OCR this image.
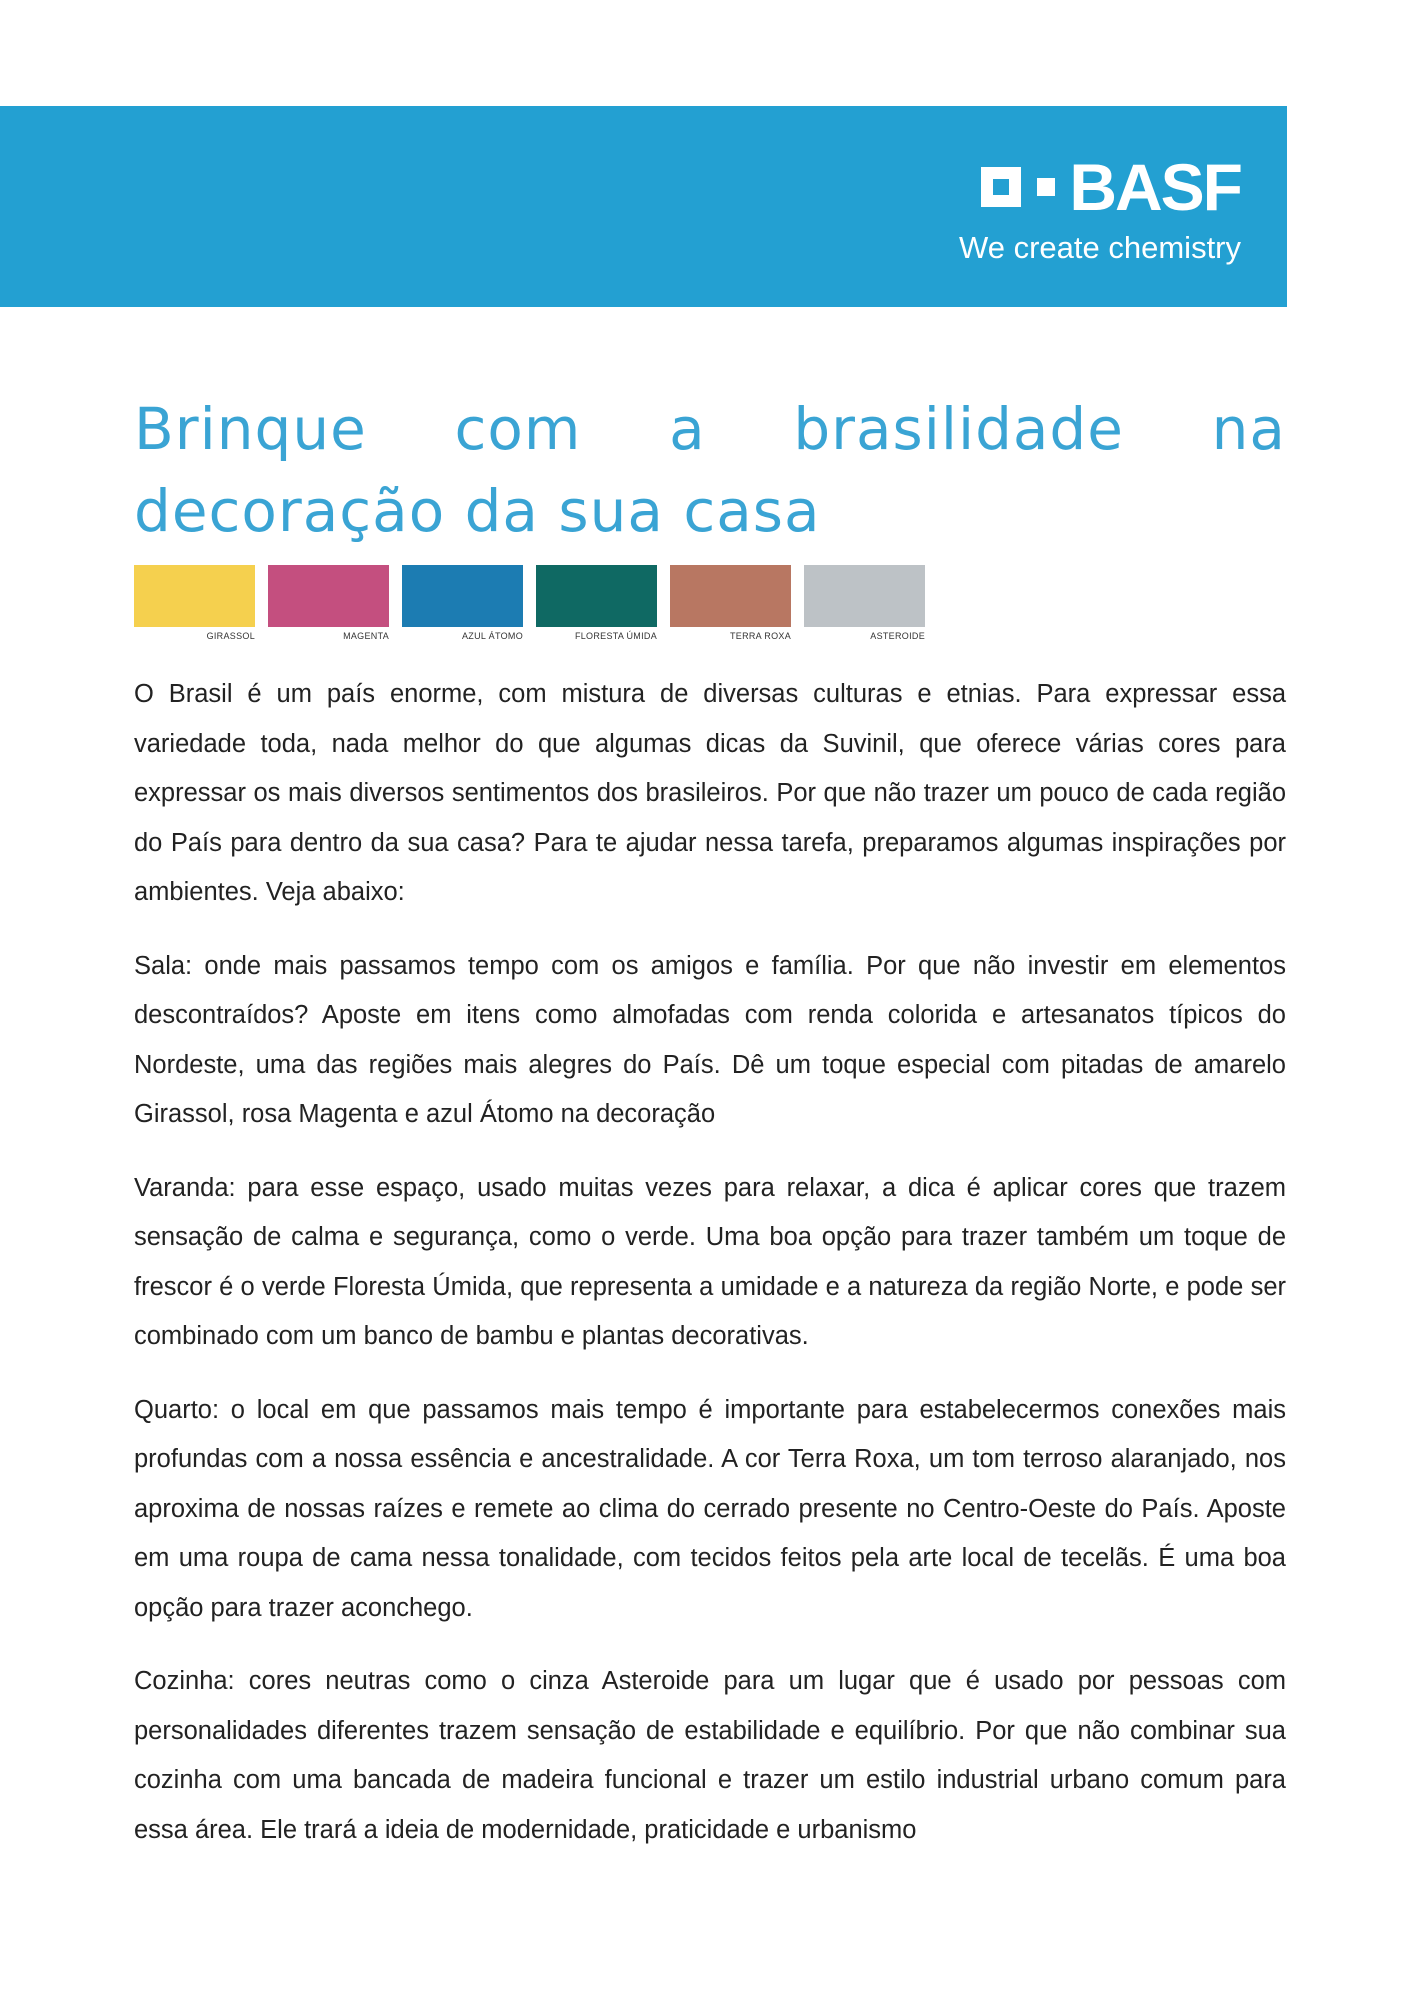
BASF
We create chemistry
Brinque com a brasilidade na
decoração da sua casa
GIRASSOL	MAGENTA	AZUL ÁTOMO	FLORESTA ÚMIDA	TERRA ROXA	ASTEROIDE

O Brasil é um país enorme, com mistura de diversas culturas e etnias. Para expressar essa variedade toda, nada melhor do que algumas dicas da Suvinil, que oferece várias cores para expressar os mais diversos sentimentos dos brasileiros. Por que não trazer um pouco de cada região do País para dentro da sua casa? Para te ajudar nessa tarefa, preparamos algumas inspirações por ambientes. Veja abaixo:

Sala: onde mais passamos tempo com os amigos e família. Por que não investir em elementos descontraídos? Aposte em itens como almofadas com renda colorida e artesanatos típicos do Nordeste, uma das regiões mais alegres do País. Dê um toque especial com pitadas de amarelo Girassol, rosa Magenta e azul Átomo na decoração

Varanda: para esse espaço, usado muitas vezes para relaxar, a dica é aplicar cores que trazem sensação de calma e segurança, como o verde. Uma boa opção para trazer também um toque de frescor é o verde Floresta Úmida, que representa a umidade e a natureza da região Norte, e pode ser combinado com um banco de bambu e plantas decorativas.

Quarto: o local em que passamos mais tempo é importante para estabelecermos conexões mais profundas com a nossa essência e ancestralidade. A cor Terra Roxa, um tom terroso alaranjado, nos aproxima de nossas raízes e remete ao clima do cerrado presente no Centro-Oeste do País. Aposte em uma roupa de cama nessa tonalidade, com tecidos feitos pela arte local de tecelãs. É uma boa opção para trazer aconchego.

Cozinha: cores neutras como o cinza Asteroide para um lugar que é usado por pessoas com personalidades diferentes trazem sensação de estabilidade e equilíbrio. Por que não combinar sua cozinha com uma bancada de madeira funcional e trazer um estilo industrial urbano comum para essa área. Ele trará a ideia de modernidade, praticidade e urbanismo
